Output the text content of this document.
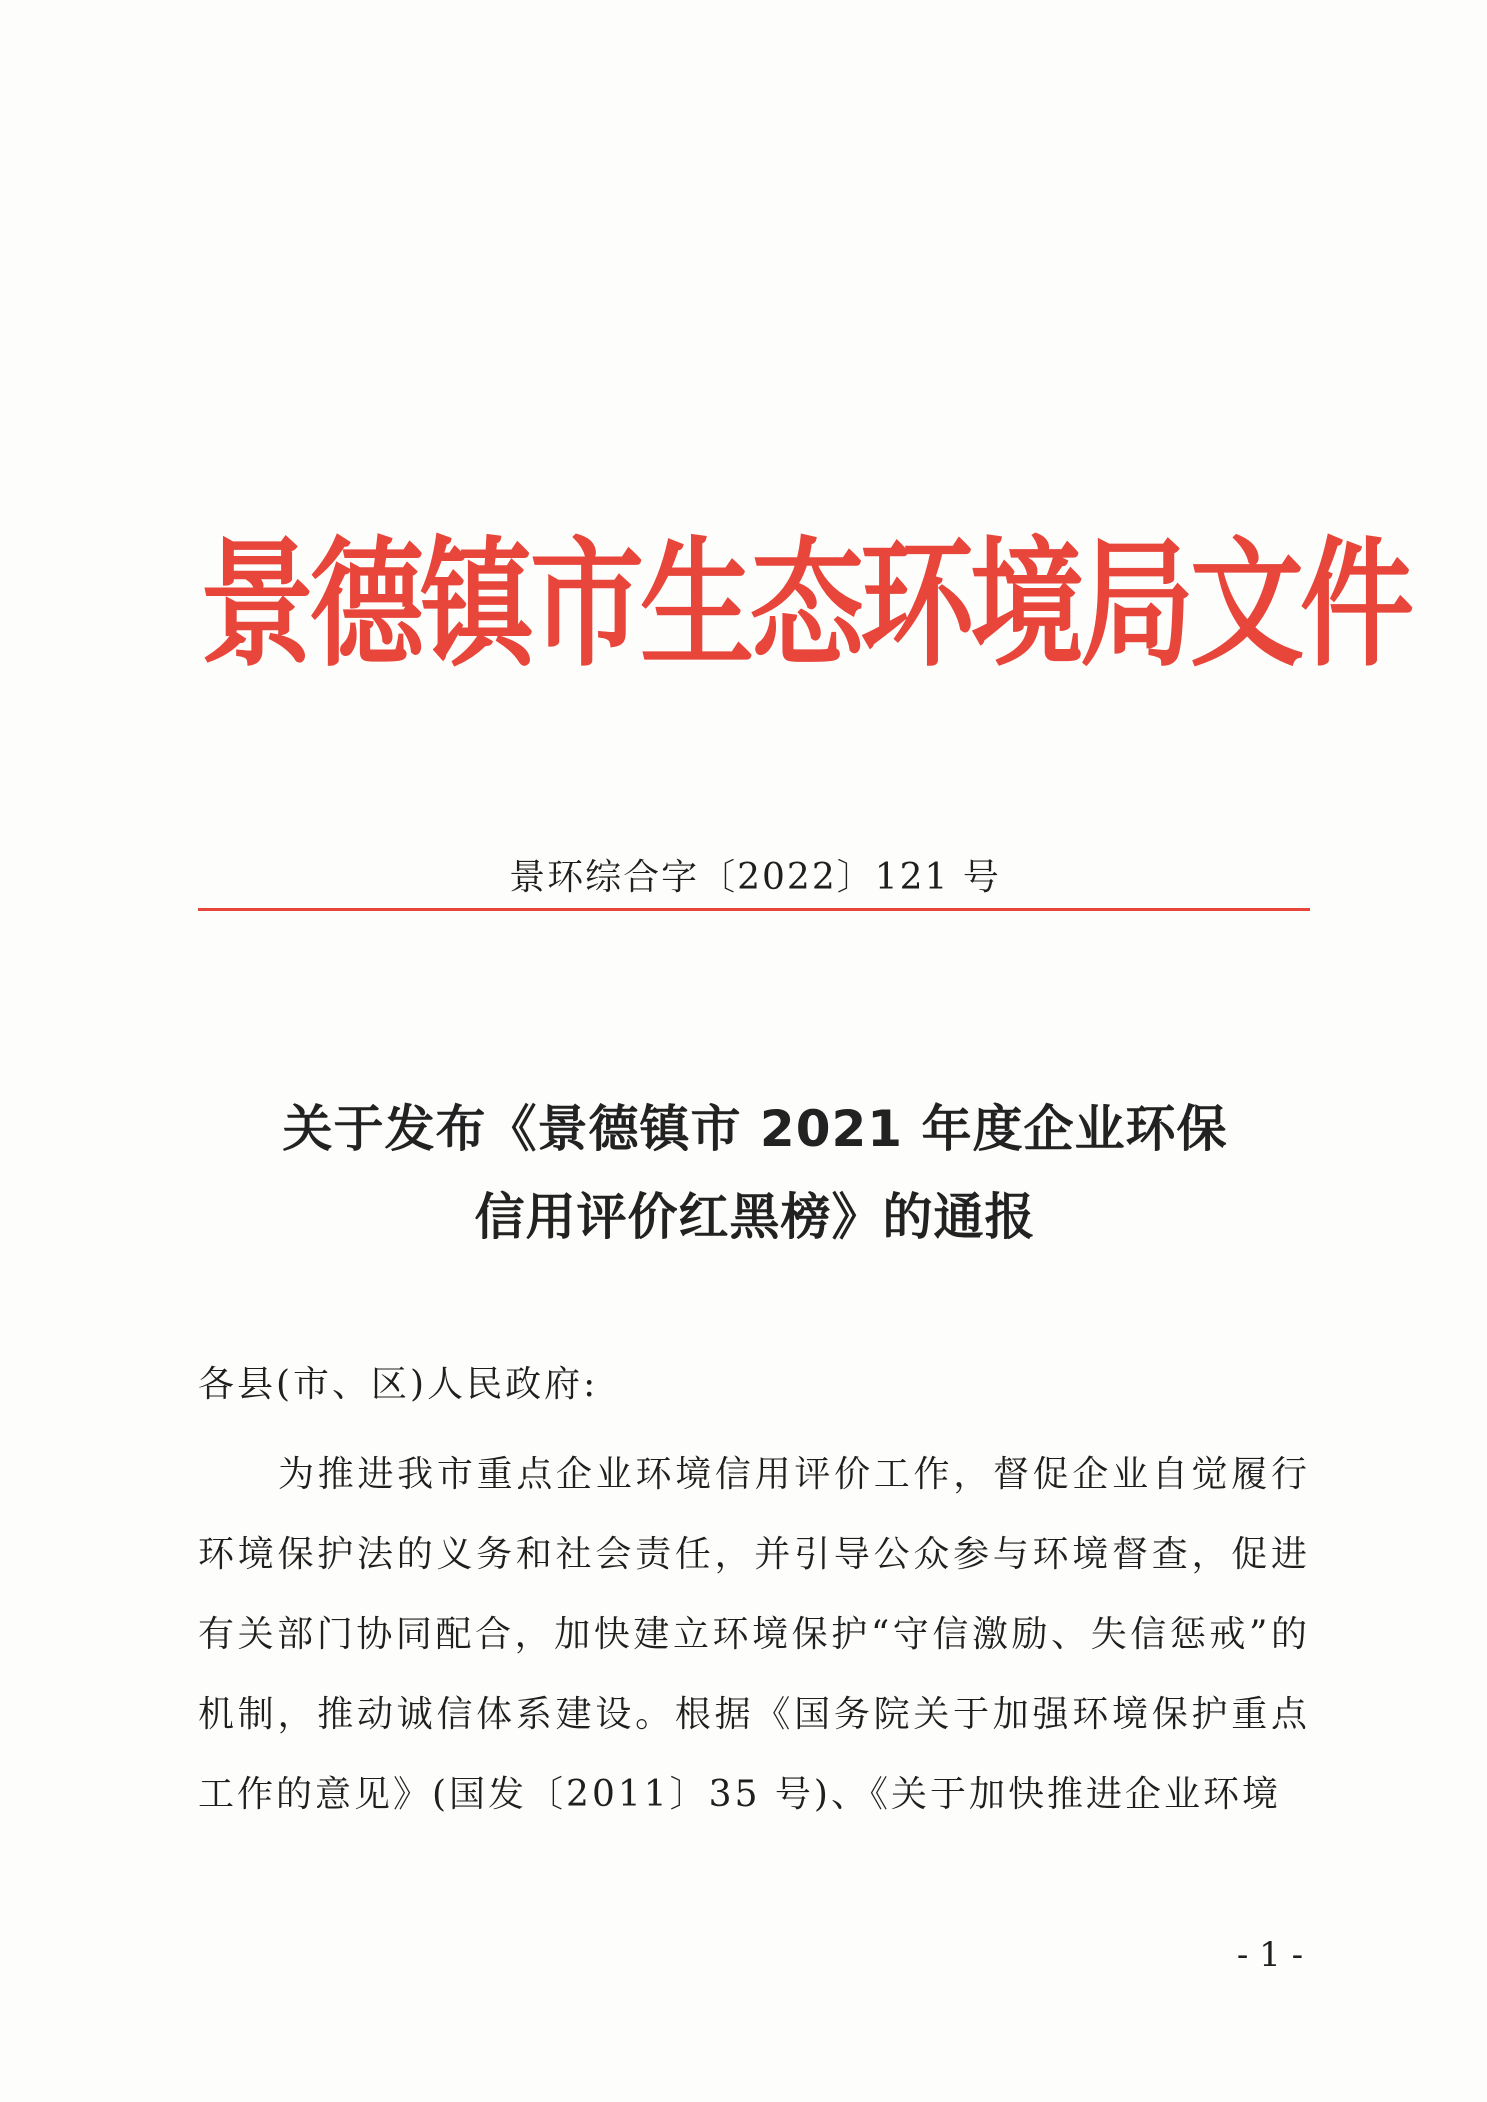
景德镇市生态环境局文件
景环综合字〔2022〕121 号
关于发布《景德镇市 2021 年度企业环保
信用评价红黑榜》的通报
各县(市、区)人民政府:
为推进我市重点企业环境信用评价工作，督促企业自觉履行环境保护法的义务和社会责任，并引导公众参与环境督查，促进有关部门协同配合，加快建立环境保护“守信激励、失信惩戒”的机制，推动诚信体系建设。根据《国务院关于加强环境保护重点工作的意见》(国发〔2011〕35 号)、《关于加快推进企业环境
- 1 -
